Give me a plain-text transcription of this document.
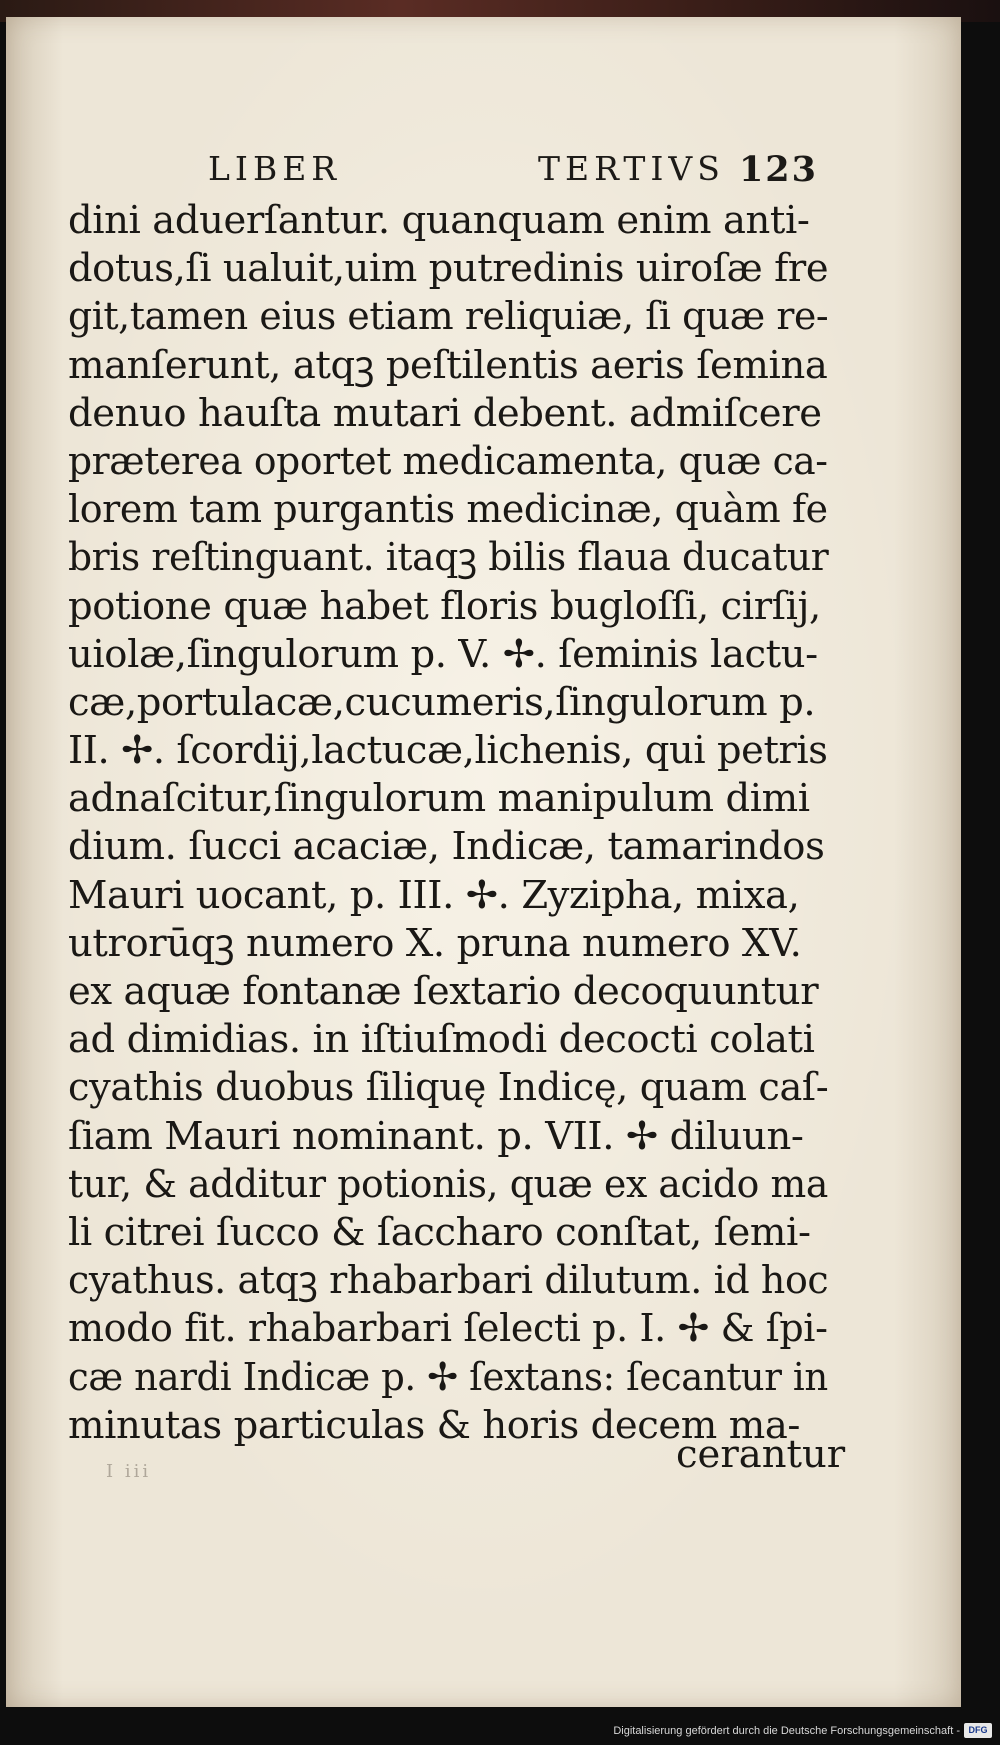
LIBER	TERTIVS 123
dini aduerſantur. quanquam enim anti-
dotus,ſi ualuit,uim putredinis uiroſæ fre
git,tamen eius etiam reliquiæ, ſi quæ re-
manſerunt, atqꝫ peſtilentis aeris ſemina
denuo hauſta mutari debent. admiſcere
præterea oportet medicamenta, quæ ca-
lorem tam purgantis medicinæ, quàm fe
bris reſtinguant. itaqꝫ bilis flaua ducatur
potione quæ habet floris bugloſſi, cirſij,
uiolæ,ſingulorum p. V. ✢. ſeminis lactu-
cæ,portulacæ,cucumeris,ſingulorum p.
II. ✢. ſcordij,lactucæ,lichenis, qui petris
adnaſcitur,ſingulorum manipulum dimi
dium. ſucci acaciæ, Indicæ, tamarindos
Mauri uocant, p. III. ✢. Zyzipha, mixa,
utrorūqꝫ numero X. pruna numero XV.
ex aquæ fontanæ ſextario decoquuntur
ad dimidias. in iſtiuſmodi decocti colati
cyathis duobus ſiliquę Indicę, quam caſ-
ſiam Mauri nominant. p. VII. ✢ diluun-
tur, & additur potionis, quæ ex acido ma
li citrei ſucco & ſaccharo conſtat, ſemi-
cyathus. atqꝫ rhabarbari dilutum. id hoc
modo fit. rhabarbari ſelecti p. I. ✢ & ſpi-
cæ nardi Indicæ p. ✢ ſextans: ſecantur in
minutas particulas & horis decem ma-
I iii	cerantur
Digitalisierung gefördert durch die Deutsche Forschungsgemeinschaft - DFG
